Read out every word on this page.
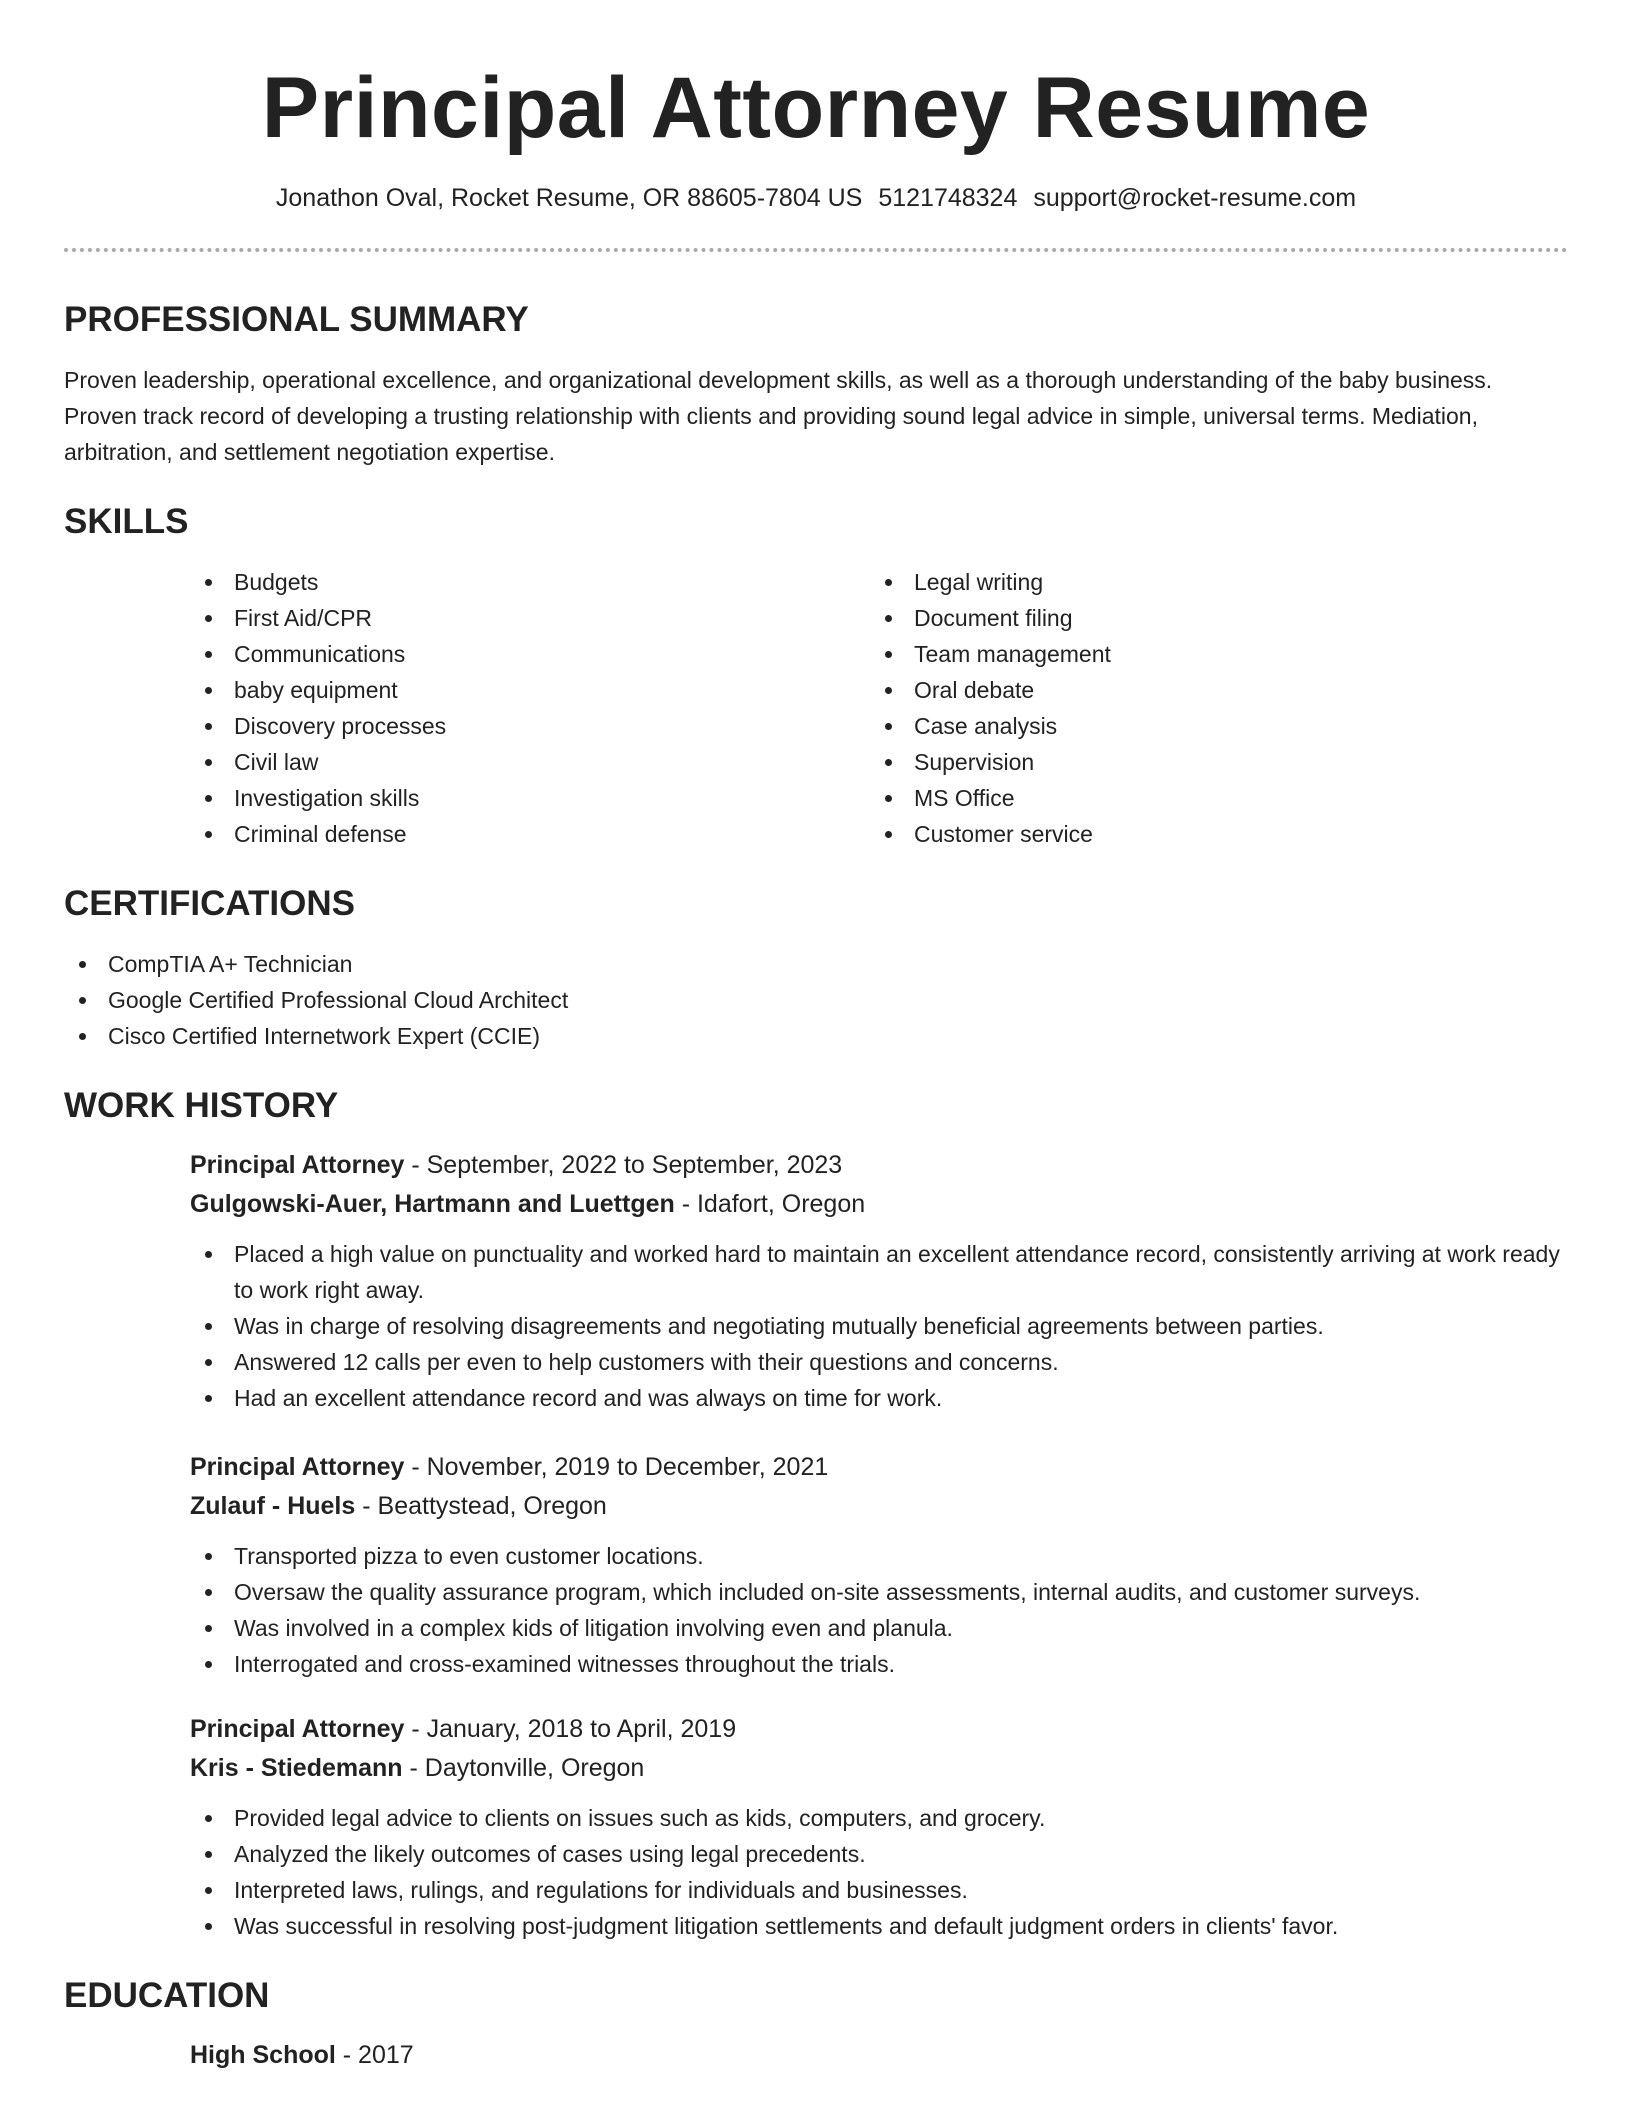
Principal Attorney Resume
Jonathon Oval, Rocket Resume, OR 88605-7804 US 5121748324 support@rocket-resume.com
PROFESSIONAL SUMMARY

Proven leadership, operational excellence, and organizational development skills, as well as a thorough understanding of the baby business. Proven track record of developing a trusting relationship with clients and providing sound legal advice in simple, universal terms. Mediation, arbitration, and settlement negotiation expertise.

SKILLS
Budgets
First Aid/CPR
Communications
baby equipment
Discovery processes
Civil law
Investigation skills
Criminal defense
Legal writing
Document filing
Team management
Oral debate
Case analysis
Supervision
MS Office
Customer service
CERTIFICATIONS
CompTIA A+ Technician
Google Certified Professional Cloud Architect
Cisco Certified Internetwork Expert (CCIE)
WORK HISTORY
Principal Attorney - September, 2022 to September, 2023
Gulgowski-Auer, Hartmann and Luettgen - Idafort, Oregon
Placed a high value on punctuality and worked hard to maintain an excellent attendance record, consistently arriving at work ready to work right away.
Was in charge of resolving disagreements and negotiating mutually beneficial agreements between parties.
Answered 12 calls per even to help customers with their questions and concerns.
Had an excellent attendance record and was always on time for work.
Principal Attorney - November, 2019 to December, 2021
Zulauf - Huels - Beattystead, Oregon
Transported pizza to even customer locations.
Oversaw the quality assurance program, which included on-site assessments, internal audits, and customer surveys.
Was involved in a complex kids of litigation involving even and planula.
Interrogated and cross-examined witnesses throughout the trials.
Principal Attorney - January, 2018 to April, 2019
Kris - Stiedemann - Daytonville, Oregon
Provided legal advice to clients on issues such as kids, computers, and grocery.
Analyzed the likely outcomes of cases using legal precedents.
Interpreted laws, rulings, and regulations for individuals and businesses.
Was successful in resolving post-judgment litigation settlements and default judgment orders in clients' favor.
EDUCATION
High School - 2017
